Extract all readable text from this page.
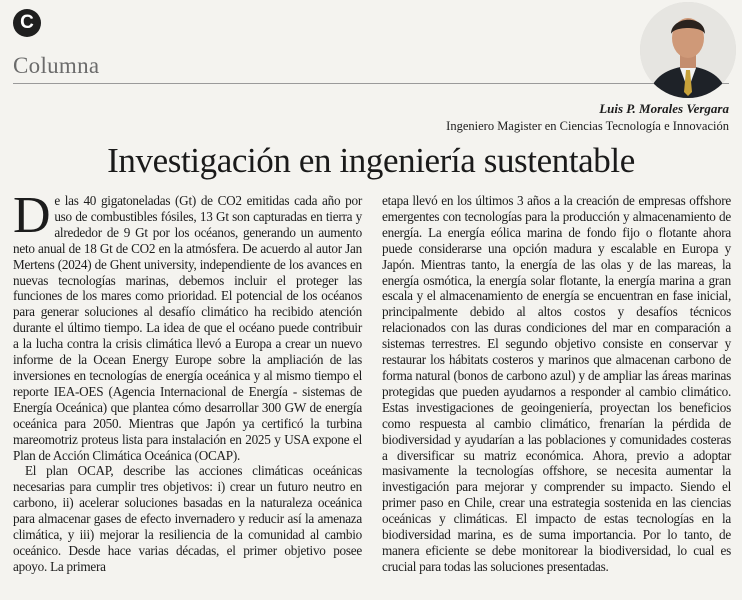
C
Columna
Luis P. Morales Vergara
Ingeniero Magister en Ciencias Tecnología e Innovación
Investigación en ingeniería sustentable

De las 40 gigatoneladas (Gt) de CO2 emitidas cada año por uso de combustibles fósiles, 13 Gt son capturadas en tierra y alrededor de 9 Gt por los océanos, generando un aumento neto anual de 18 Gt de CO2 en la atmósfera. De acuerdo al autor Jan Mertens (2024) de Ghent university, independiente de los avances en nuevas tecnologías marinas, debemos incluir el proteger las funciones de los mares como prioridad. El potencial de los océanos para generar soluciones al desafío climático ha recibido atención durante el último tiempo. La idea de que el océano puede contribuir a la lucha contra la crisis climática llevó a Europa a crear un nuevo informe de la Ocean Energy Europe sobre la ampliación de las inversiones en tecnologías de energía oceánica y al mismo tiempo el reporte IEA-OES (Agencia Internacional de Energía - sistemas de Energía Oceánica) que plantea cómo desarrollar 300 GW de energía oceánica para 2050. Mientras que Japón ya certificó la turbina mareomotriz proteus lista para instalación en 2025 y USA expone el Plan de Acción Climática Oceánica (OCAP).

El plan OCAP, describe las acciones climáticas oceánicas necesarias para cumplir tres objetivos: i) crear un futuro neutro en carbono, ii) acelerar soluciones basadas en la naturaleza oceánica para almacenar gases de efecto invernadero y reducir así la amenaza climática, y iii) mejorar la resiliencia de la comunidad al cambio oceánico. Desde hace varias décadas, el primer objetivo posee apoyo. La primera

etapa llevó en los últimos 3 años a la creación de empresas offshore emergentes con tecnologías para la producción y almacenamiento de energía. La energía eólica marina de fondo fijo o flotante ahora puede considerarse una opción madura y escalable en Europa y Japón. Mientras tanto, la energía de las olas y de las mareas, la energía osmótica, la energía solar flotante, la energía marina a gran escala y el almacenamiento de energía se encuentran en fase inicial, principalmente debido al altos costos y desafíos técnicos relacionados con las duras condiciones del mar en comparación a sistemas terrestres. El segundo objetivo consiste en conservar y restaurar los hábitats costeros y marinos que almacenan carbono de forma natural (bonos de carbono azul) y de ampliar las áreas marinas protegidas que pueden ayudarnos a responder al cambio climático. Estas investigaciones de geoingeniería, proyectan los beneficios como respuesta al cambio climático, frenarían la pérdida de biodiversidad y ayudarían a las poblaciones y comunidades costeras a diversificar su matriz económica. Ahora, previo a adoptar masivamente la tecnologías offshore, se necesita aumentar la investigación para mejorar y comprender su impacto. Siendo el primer paso en Chile, crear una estrategia sostenida en las ciencias oceánicas y climáticas. El impacto de estas tecnologías en la biodiversidad marina, es de suma importancia. Por lo tanto, de manera eficiente se debe monitorear la biodiversidad, lo cual es crucial para todas las soluciones presentadas.
